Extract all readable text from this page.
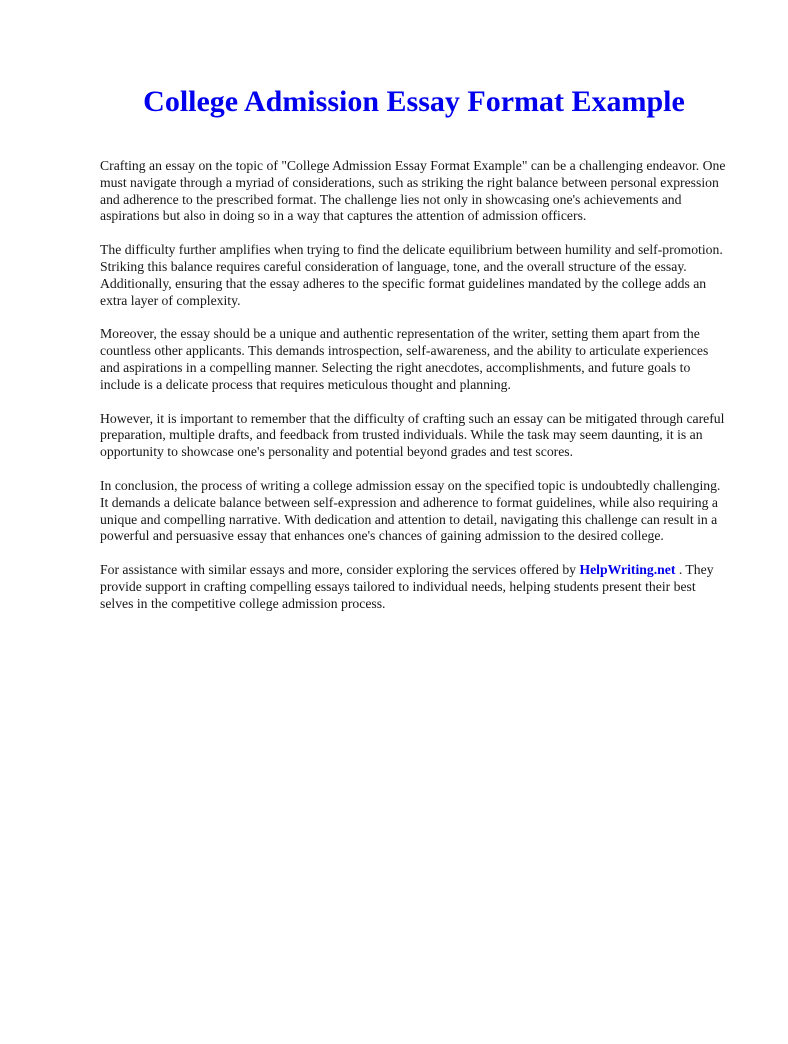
College Admission Essay Format Example

Crafting an essay on the topic of "College Admission Essay Format Example" can be a challenging endeavor. One must navigate through a myriad of considerations, such as striking the right balance between personal expression and adherence to the prescribed format. The challenge lies not only in showcasing one's achievements and aspirations but also in doing so in a way that captures the attention of admission officers.

The difficulty further amplifies when trying to find the delicate equilibrium between humility and self-promotion. Striking this balance requires careful consideration of language, tone, and the overall structure of the essay. Additionally, ensuring that the essay adheres to the specific format guidelines mandated by the college adds an extra layer of complexity.

Moreover, the essay should be a unique and authentic representation of the writer, setting them apart from the countless other applicants. This demands introspection, self-awareness, and the ability to articulate experiences and aspirations in a compelling manner. Selecting the right anecdotes, accomplishments, and future goals to include is a delicate process that requires meticulous thought and planning.

However, it is important to remember that the difficulty of crafting such an essay can be mitigated through careful preparation, multiple drafts, and feedback from trusted individuals. While the task may seem daunting, it is an opportunity to showcase one's personality and potential beyond grades and test scores.

In conclusion, the process of writing a college admission essay on the specified topic is undoubtedly challenging. It demands a delicate balance between self-expression and adherence to format guidelines, while also requiring a unique and compelling narrative. With dedication and attention to detail, navigating this challenge can result in a powerful and persuasive essay that enhances one's chances of gaining admission to the desired college.

For assistance with similar essays and more, consider exploring the services offered by HelpWriting.net . They provide support in crafting compelling essays tailored to individual needs, helping students present their best selves in the competitive college admission process.
